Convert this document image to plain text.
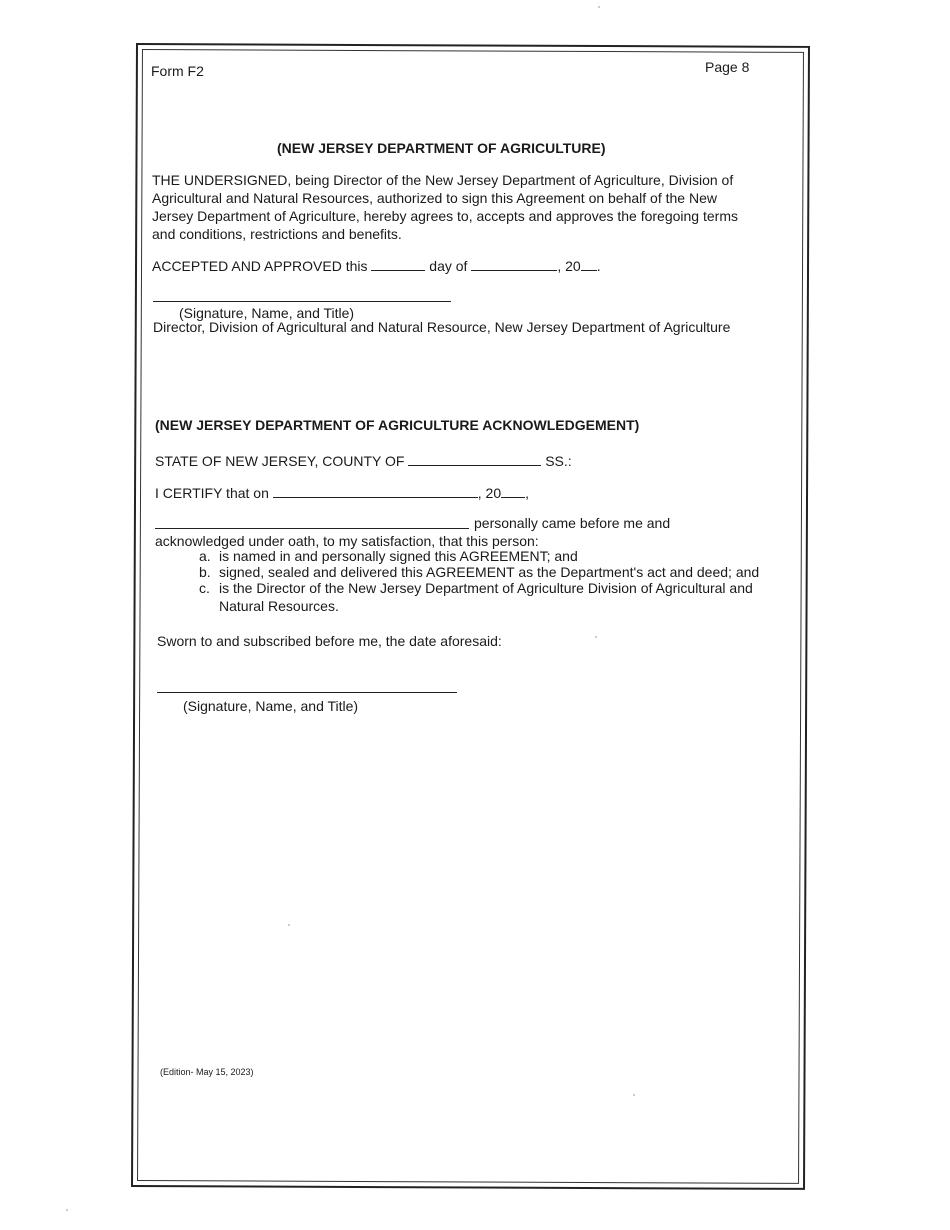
Form F2	Page 8
(NEW JERSEY DEPARTMENT OF AGRICULTURE)
THE UNDERSIGNED, being Director of the New Jersey Department of Agriculture, Division of
Agricultural and Natural Resources, authorized to sign this Agreement on behalf of the New
Jersey Department of Agriculture, hereby agrees to, accepts and approves the foregoing terms
and conditions, restrictions and benefits.
ACCEPTED AND APPROVED this	day of	, 20 .
(Signature, Name, and Title)
Director, Division of Agricultural and Natural Resource, New Jersey Department of Agriculture
(NEW JERSEY DEPARTMENT OF AGRICULTURE ACKNOWLEDGEMENT)
STATE OF NEW JERSEY, COUNTY OF	SS.:
I CERTIFY that on	, 20 ,
personally came before me and
acknowledged under oath, to my satisfaction, that this person:
a. is named in and personally signed this AGREEMENT; and
b. signed, sealed and delivered this AGREEMENT as the Department's act and deed; and
c. is the Director of the New Jersey Department of Agriculture Division of Agricultural and
Natural Resources.
Sworn to and subscribed before me, the date aforesaid:
(Signature, Name, and Title)
(Edition- May 15, 2023)
